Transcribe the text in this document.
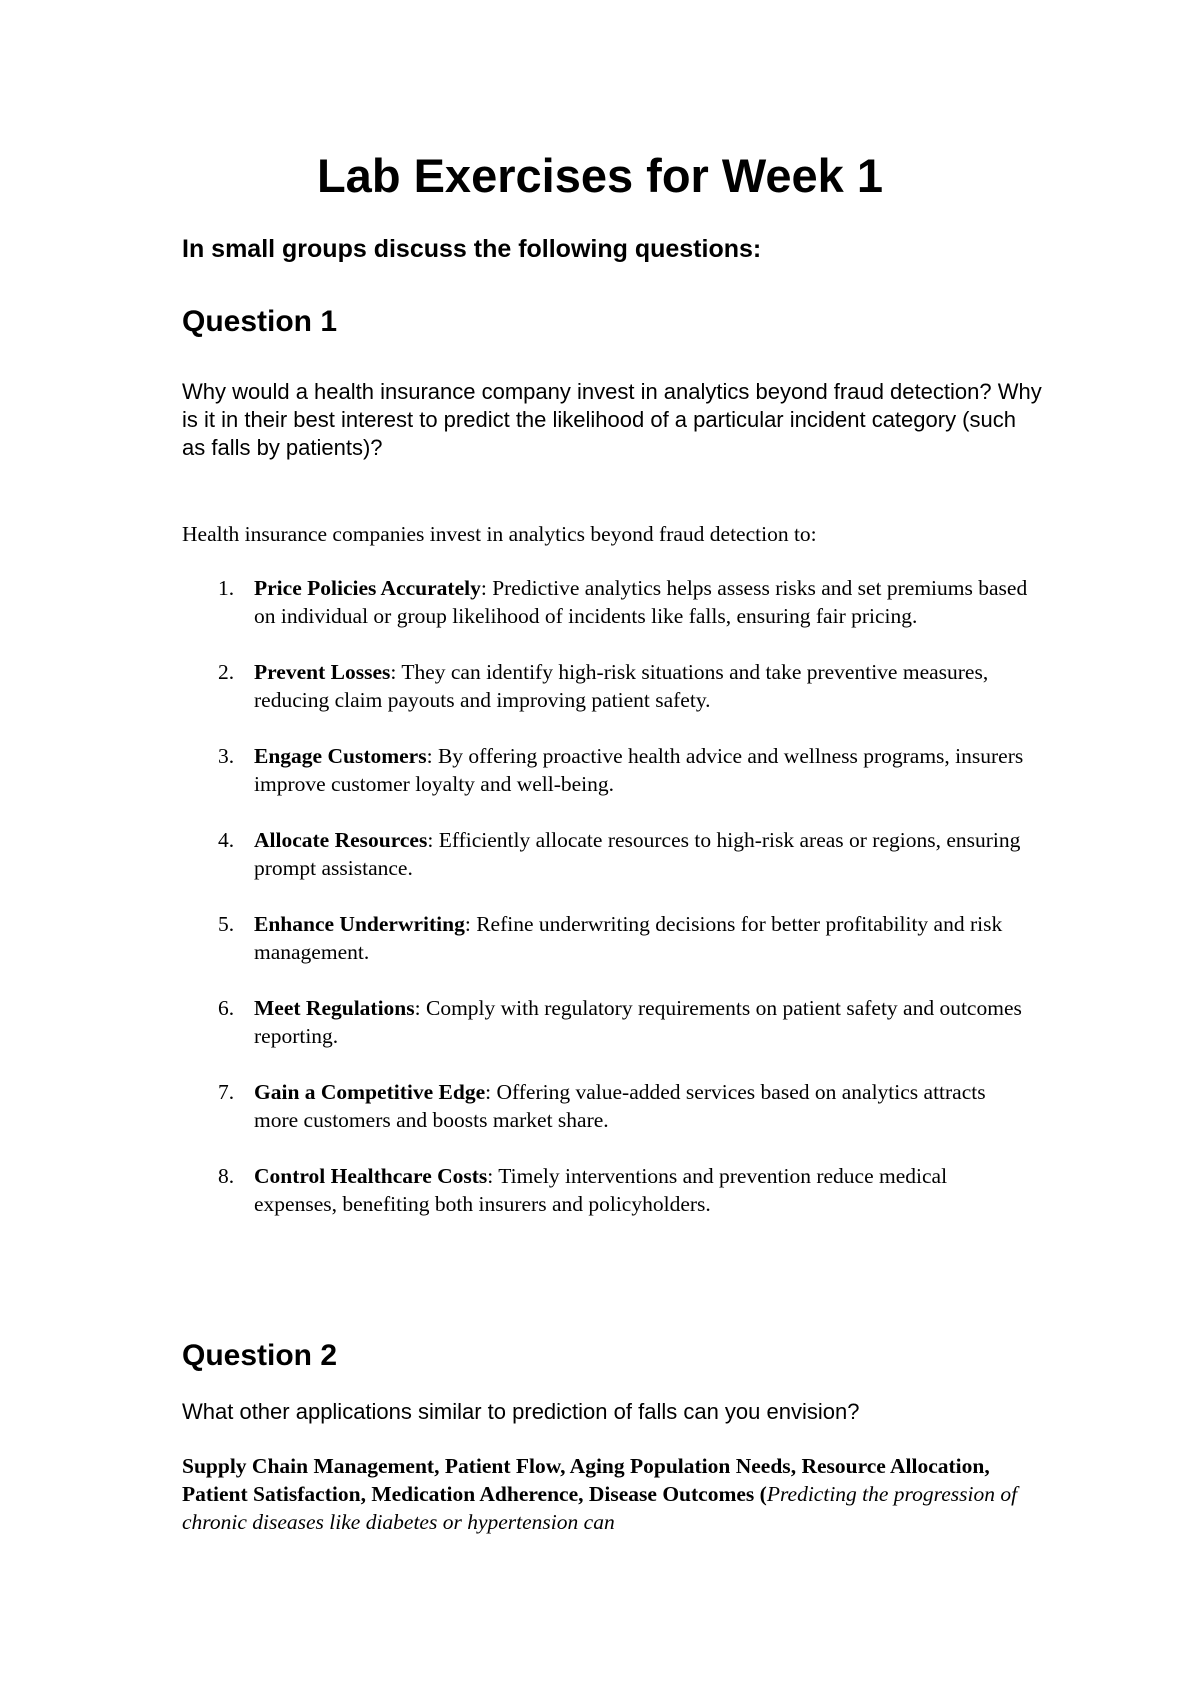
Lab Exercises for Week 1
In small groups discuss the following questions:
Question 1
Why would a health insurance company invest in analytics beyond fraud detection? Why is it in their best interest to predict the likelihood of a particular incident category (such as falls by patients)?
Health insurance companies invest in analytics beyond fraud detection to:
1. Price Policies Accurately: Predictive analytics helps assess risks and set premiums based on individual or group likelihood of incidents like falls, ensuring fair pricing.
2. Prevent Losses: They can identify high-risk situations and take preventive measures, reducing claim payouts and improving patient safety.
3. Engage Customers: By offering proactive health advice and wellness programs, insurers improve customer loyalty and well-being.
4. Allocate Resources: Efficiently allocate resources to high-risk areas or regions, ensuring prompt assistance.
5. Enhance Underwriting: Refine underwriting decisions for better profitability and risk management.
6. Meet Regulations: Comply with regulatory requirements on patient safety and outcomes reporting.
7. Gain a Competitive Edge: Offering value-added services based on analytics attracts more customers and boosts market share.
8. Control Healthcare Costs: Timely interventions and prevention reduce medical expenses, benefiting both insurers and policyholders.
Question 2
What other applications similar to prediction of falls can you envision?
Supply Chain Management, Patient Flow, Aging Population Needs, Resource Allocation, Patient Satisfaction, Medication Adherence, Disease Outcomes (Predicting the progression of chronic diseases like diabetes or hypertension can
